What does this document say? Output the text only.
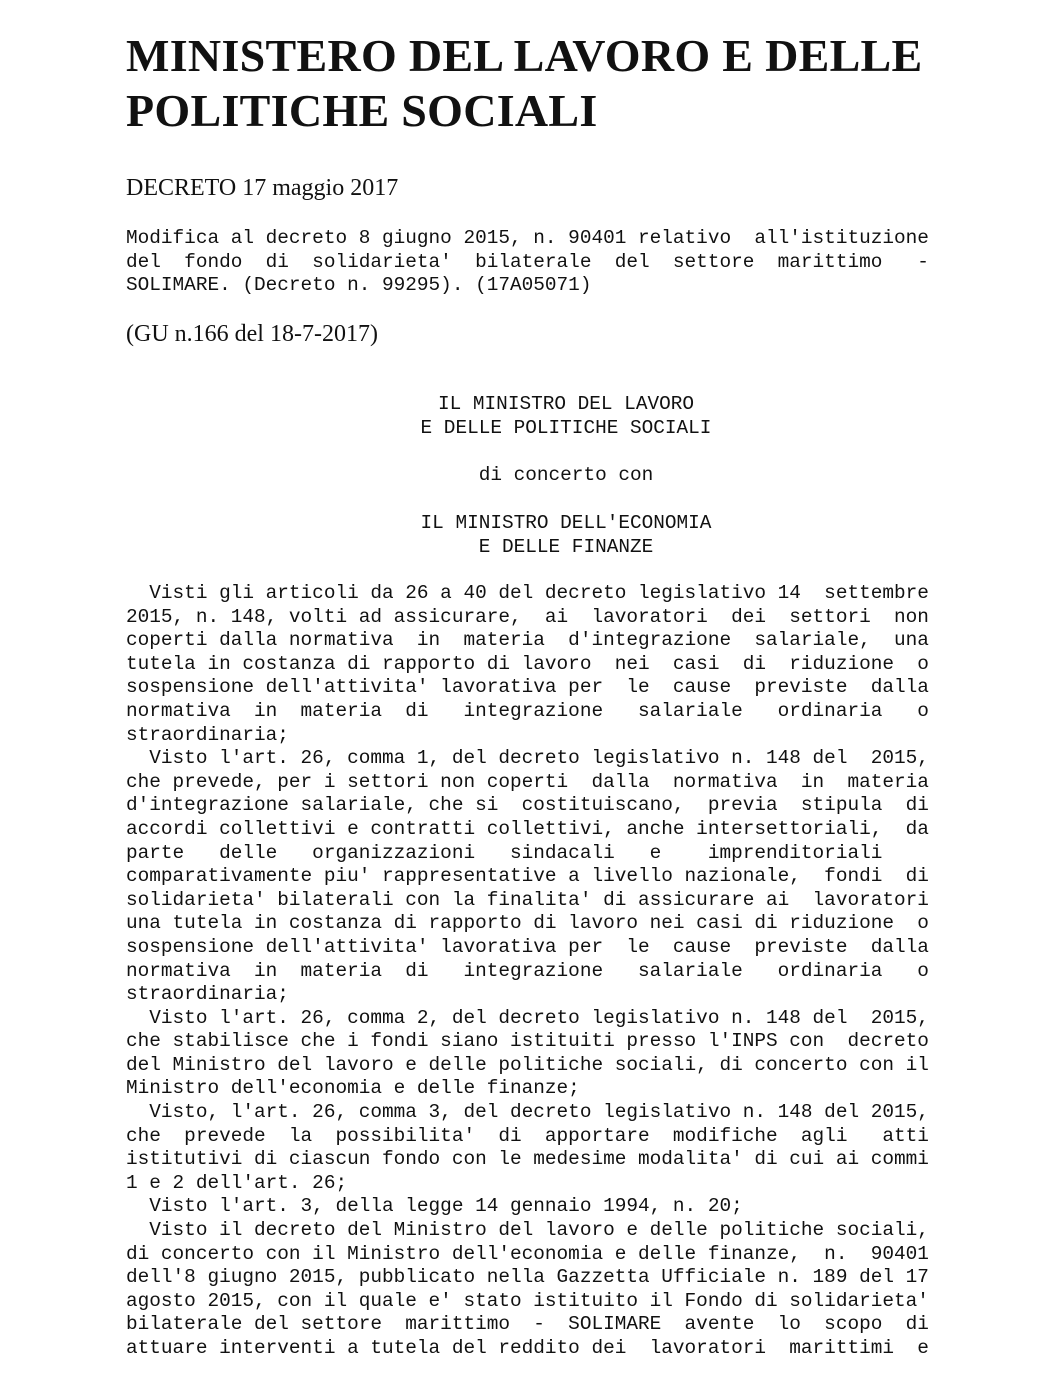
MINISTERO DEL LAVORO E DELLE
POLITICHE SOCIALI

DECRETO 17 maggio 2017

Modifica al decreto 8 giugno 2015, n. 90401 relativo  all'istituzione
del  fondo  di  solidarieta'  bilaterale  del  settore  marittimo   -
SOLIMARE. (Decreto n. 99295). (17A05071)

(GU n.166 del 18-7-2017)

IL MINISTRO DEL LAVORO
E DELLE POLITICHE SOCIALI
di concerto con
IL MINISTRO DELL'ECONOMIA
E DELLE FINANZE

Visti gli articoli da 26 a 40 del decreto legislativo 14  settembre
2015, n. 148, volti ad assicurare,  ai  lavoratori  dei  settori  non
coperti dalla normativa  in  materia  d'integrazione  salariale,  una
tutela in costanza di rapporto di lavoro  nei  casi  di  riduzione  o
sospensione dell'attivita' lavorativa per  le  cause  previste  dalla
normativa  in  materia  di   integrazione   salariale   ordinaria   o
straordinaria;
Visto l'art. 26, comma 1, del decreto legislativo n. 148 del  2015,
che prevede, per i settori non coperti  dalla  normativa  in  materia
d'integrazione salariale, che si  costituiscano,  previa  stipula  di
accordi collettivi e contratti collettivi, anche intersettoriali,  da
parte   delle   organizzazioni   sindacali   e    imprenditoriali
comparativamente piu' rappresentative a livello nazionale,  fondi  di
solidarieta' bilaterali con la finalita' di assicurare ai  lavoratori
una tutela in costanza di rapporto di lavoro nei casi di riduzione  o
sospensione dell'attivita' lavorativa per  le  cause  previste  dalla
normativa  in  materia  di   integrazione   salariale   ordinaria   o
straordinaria;
Visto l'art. 26, comma 2, del decreto legislativo n. 148 del  2015,
che stabilisce che i fondi siano istituiti presso l'INPS con  decreto
del Ministro del lavoro e delle politiche sociali, di concerto con il
Ministro dell'economia e delle finanze;
Visto, l'art. 26, comma 3, del decreto legislativo n. 148 del 2015,
che  prevede  la  possibilita'  di  apportare  modifiche  agli   atti
istitutivi di ciascun fondo con le medesime modalita' di cui ai commi
1 e 2 dell'art. 26;
Visto l'art. 3, della legge 14 gennaio 1994, n. 20;
Visto il decreto del Ministro del lavoro e delle politiche sociali,
di concerto con il Ministro dell'economia e delle finanze,  n.  90401
dell'8 giugno 2015, pubblicato nella Gazzetta Ufficiale n. 189 del 17
agosto 2015, con il quale e' stato istituito il Fondo di solidarieta'
bilaterale del settore  marittimo  -  SOLIMARE  avente  lo  scopo  di
attuare interventi a tutela del reddito dei  lavoratori  marittimi  e
